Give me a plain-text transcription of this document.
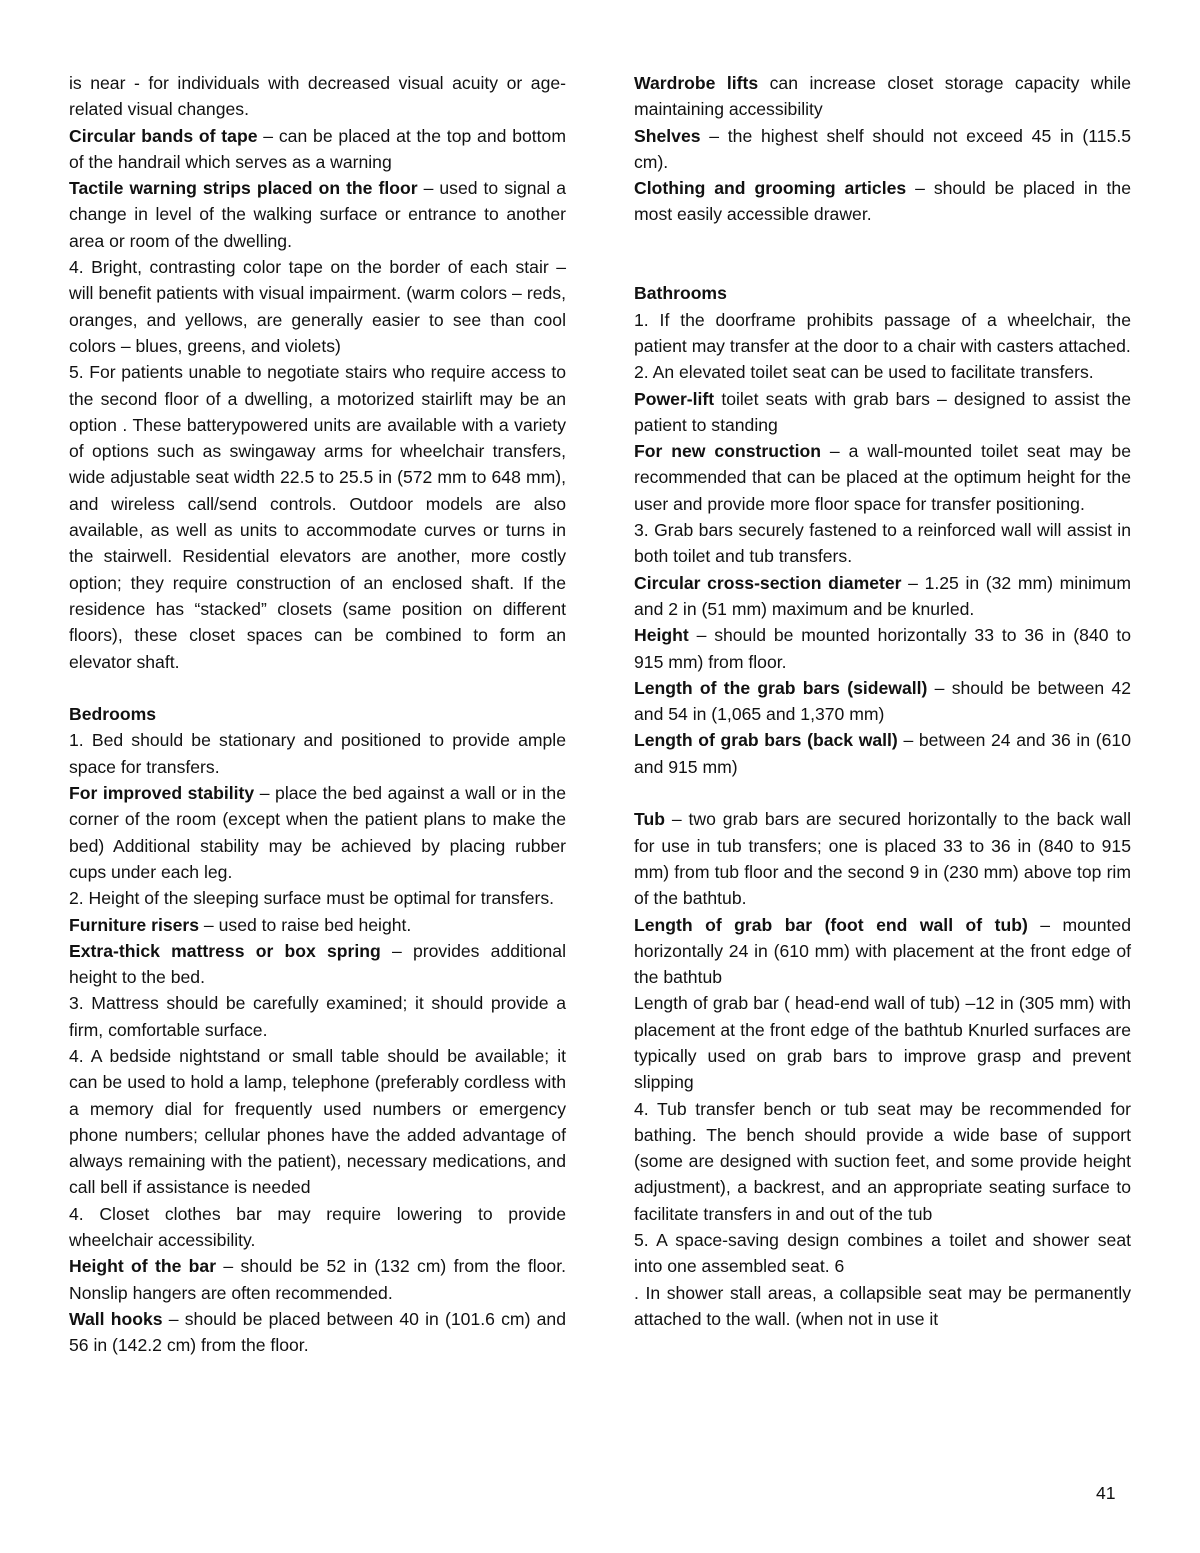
is near - for individuals with decreased visual acuity or age-related visual changes.

Circular bands of tape – can be placed at the top and bottom of the handrail which serves as a warning

Tactile warning strips placed on the floor – used to signal a change in level of the walking surface or entrance to another area or room of the dwelling.

4. Bright, contrasting color tape on the border of each stair – will benefit patients with visual impairment. (warm colors – reds, oranges, and yellows, are generally easier to see than cool colors – blues, greens, and violets)

5. For patients unable to negotiate stairs who require access to the second floor of a dwelling, a motorized stairlift may be an option . These batterypowered units are available with a variety of options such as swingaway arms for wheelchair transfers, wide adjustable seat width 22.5 to 25.5 in (572 mm to 648 mm), and wireless call/send controls. Outdoor models are also available, as well as units to accommodate curves or turns in the stairwell. Residential elevators are another, more costly option; they require construction of an enclosed shaft. If the residence has “stacked” closets (same position on different floors), these closet spaces can be combined to form an elevator shaft.

Bedrooms

1. Bed should be stationary and positioned to provide ample space for transfers.

For improved stability – place the bed against a wall or in the corner of the room (except when the patient plans to make the bed) Additional stability may be achieved by placing rubber cups under each leg.

2. Height of the sleeping surface must be optimal for transfers.

Furniture risers – used to raise bed height.

Extra-thick mattress or box spring – provides additional height to the bed.

3. Mattress should be carefully examined; it should provide a firm, comfortable surface.

4. A bedside nightstand or small table should be available; it can be used to hold a lamp, telephone (preferably cordless with a memory dial for frequently used numbers or emergency phone numbers; cellular phones have the added advantage of always remaining with the patient), necessary medications, and call bell if assistance is needed

4. Closet clothes bar may require lowering to provide wheelchair accessibility.

Height of the bar – should be 52 in (132 cm) from the floor. Nonslip hangers are often recommended.

Wall hooks – should be placed between 40 in (101.6 cm) and 56 in (142.2 cm) from the floor.

Wardrobe lifts can increase closet storage capacity while maintaining accessibility

Shelves – the highest shelf should not exceed 45 in (115.5 cm).

Clothing and grooming articles – should be placed in the most easily accessible drawer.

Bathrooms

1. If the doorframe prohibits passage of a wheelchair, the patient may transfer at the door to a chair with casters attached.

2. An elevated toilet seat can be used to facilitate transfers.

Power-lift toilet seats with grab bars – designed to assist the patient to standing

For new construction – a wall-mounted toilet seat may be recommended that can be placed at the optimum height for the user and provide more floor space for transfer positioning.

3. Grab bars securely fastened to a reinforced wall will assist in both toilet and tub transfers.

Circular cross-section diameter – 1.25 in (32 mm) minimum and 2 in (51 mm) maximum and be knurled.

Height – should be mounted horizontally 33 to 36 in (840 to 915 mm) from floor.

Length of the grab bars (sidewall) – should be between 42 and 54 in (1,065 and 1,370 mm)

Length of grab bars (back wall) – between 24 and 36 in (610 and 915 mm)

Tub – two grab bars are secured horizontally to the back wall for use in tub transfers; one is placed 33 to 36 in (840 to 915 mm) from tub floor and the second 9 in (230 mm) above top rim of the bathtub.

Length of grab bar (foot end wall of tub) – mounted horizontally 24 in (610 mm) with placement at the front edge of the bathtub

Length of grab bar ( head-end wall of tub) –12 in (305 mm) with placement at the front edge of the bathtub Knurled surfaces are typically used on grab bars to improve grasp and prevent slipping

4. Tub transfer bench or tub seat may be recommended for bathing. The bench should provide a wide base of support (some are designed with suction feet, and some provide height adjustment), a backrest, and an appropriate seating surface to facilitate transfers in and out of the tub

5. A space-saving design combines a toilet and shower seat into one assembled seat. 6

. In shower stall areas, a collapsible seat may be permanently attached to the wall. (when not in use it

41
